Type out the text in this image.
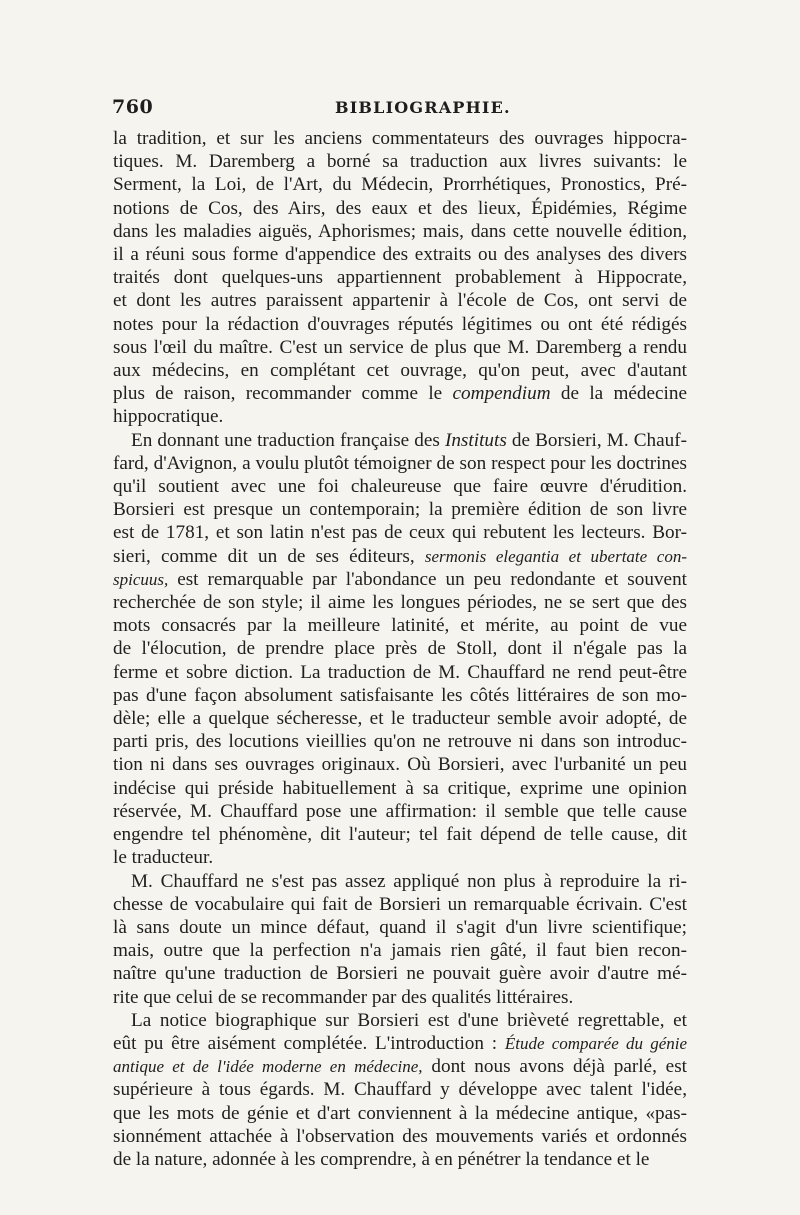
760	BIBLIOGRAPHIE.
la tradition, et sur les anciens commentateurs des ouvrages hippocra-
tiques. M. Daremberg a borné sa traduction aux livres suivants: le
Serment, la Loi, de l'Art, du Médecin, Prorrhétiques, Pronostics, Pré-
notions de Cos, des Airs, des eaux et des lieux, Épidémies, Régime
dans les maladies aiguës, Aphorismes; mais, dans cette nouvelle édition,
il a réuni sous forme d'appendice des extraits ou des analyses des divers
traités dont quelques-uns appartiennent probablement à Hippocrate,
et dont les autres paraissent appartenir à l'école de Cos, ont servi de
notes pour la rédaction d'ouvrages réputés légitimes ou ont été rédigés
sous l'œil du maître. C'est un service de plus que M. Daremberg a rendu
aux médecins, en complétant cet ouvrage, qu'on peut, avec d'autant
plus de raison, recommander comme le compendium de la médecine
hippocratique.
En donnant une traduction française des Instituts de Borsieri, M. Chauf-
fard, d'Avignon, a voulu plutôt témoigner de son respect pour les doctrines
qu'il soutient avec une foi chaleureuse que faire œuvre d'érudition.
Borsieri est presque un contemporain; la première édition de son livre
est de 1781, et son latin n'est pas de ceux qui rebutent les lecteurs. Bor-
sieri, comme dit un de ses éditeurs, sermonis elegantia et ubertate con-
spicuus, est remarquable par l'abondance un peu redondante et souvent
recherchée de son style; il aime les longues périodes, ne se sert que des
mots consacrés par la meilleure latinité, et mérite, au point de vue
de l'élocution, de prendre place près de Stoll, dont il n'égale pas la
ferme et sobre diction. La traduction de M. Chauffard ne rend peut-être
pas d'une façon absolument satisfaisante les côtés littéraires de son mo-
dèle; elle a quelque sécheresse, et le traducteur semble avoir adopté, de
parti pris, des locutions vieillies qu'on ne retrouve ni dans son introduc-
tion ni dans ses ouvrages originaux. Où Borsieri, avec l'urbanité un peu
indécise qui préside habituellement à sa critique, exprime une opinion
réservée, M. Chauffard pose une affirmation: il semble que telle cause
engendre tel phénomène, dit l'auteur; tel fait dépend de telle cause, dit
le traducteur.
M. Chauffard ne s'est pas assez appliqué non plus à reproduire la ri-
chesse de vocabulaire qui fait de Borsieri un remarquable écrivain. C'est
là sans doute un mince défaut, quand il s'agit d'un livre scientifique;
mais, outre que la perfection n'a jamais rien gâté, il faut bien recon-
naître qu'une traduction de Borsieri ne pouvait guère avoir d'autre mé-
rite que celui de se recommander par des qualités littéraires.
La notice biographique sur Borsieri est d'une brièveté regrettable, et
eût pu être aisément complétée. L'introduction : Étude comparée du génie
antique et de l'idée moderne en médecine, dont nous avons déjà parlé, est
supérieure à tous égards. M. Chauffard y développe avec talent l'idée,
que les mots de génie et d'art conviennent à la médecine antique, «pas-
sionnément attachée à l'observation des mouvements variés et ordonnés
de la nature, adonnée à les comprendre, à en pénétrer la tendance et le
